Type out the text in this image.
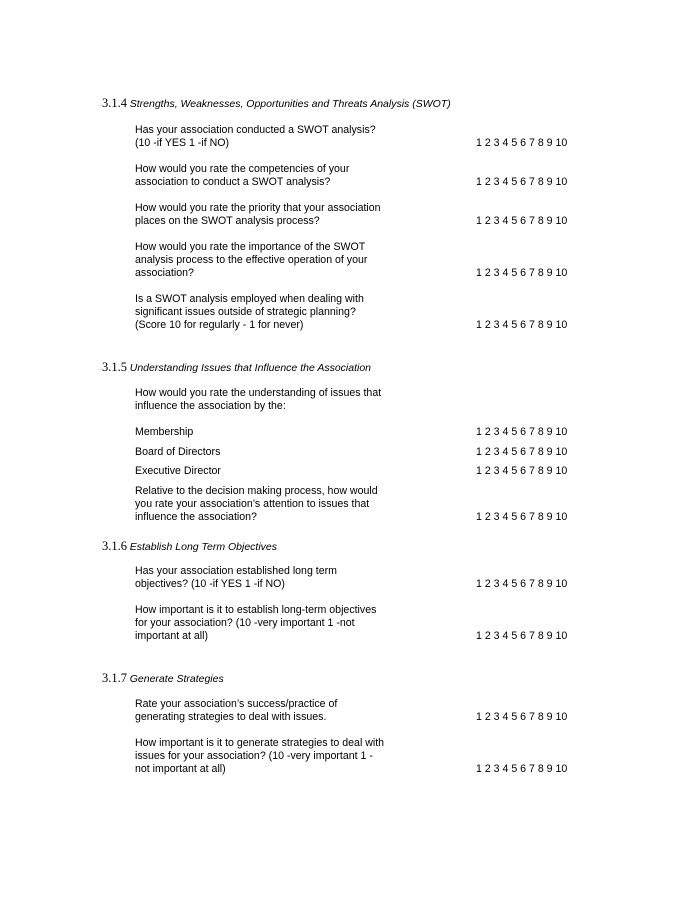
3.1.4 Strengths, Weaknesses, Opportunities and Threats Analysis (SWOT)
Has your association conducted a SWOT analysis?
(10 -if YES 1 -if NO)	1 2 3 4 5 6 7 8 9 10
How would you rate the competencies of your
association to conduct a SWOT analysis?	1 2 3 4 5 6 7 8 9 10
How would you rate the priority that your association
places on the SWOT analysis process?	1 2 3 4 5 6 7 8 9 10
How would you rate the importance of the SWOT
analysis process to the effective operation of your
association?	1 2 3 4 5 6 7 8 9 10
Is a SWOT analysis employed when dealing with
significant issues outside of strategic planning?
(Score 10 for regularly - 1 for never)	1 2 3 4 5 6 7 8 9 10
3.1.5 Understanding Issues that Influence the Association
How would you rate the understanding of issues that
influence the association by the:
Membership	1 2 3 4 5 6 7 8 9 10
Board of Directors	1 2 3 4 5 6 7 8 9 10
Executive Director	1 2 3 4 5 6 7 8 9 10
Relative to the decision making process, how would
you rate your association’s attention to issues that
influence the association?	1 2 3 4 5 6 7 8 9 10
3.1.6 Establish Long Term Objectives
Has your association established long term
objectives? (10 -if YES 1 -if NO)	1 2 3 4 5 6 7 8 9 10
How important is it to establish long-term objectives
for your association? (10 -very important 1 -not
important at all)	1 2 3 4 5 6 7 8 9 10
3.1.7 Generate Strategies
Rate your association’s success/practice of
generating strategies to deal with issues.	1 2 3 4 5 6 7 8 9 10
How important is it to generate strategies to deal with
issues for your association? (10 -very important 1 -
not important at all)	1 2 3 4 5 6 7 8 9 10
